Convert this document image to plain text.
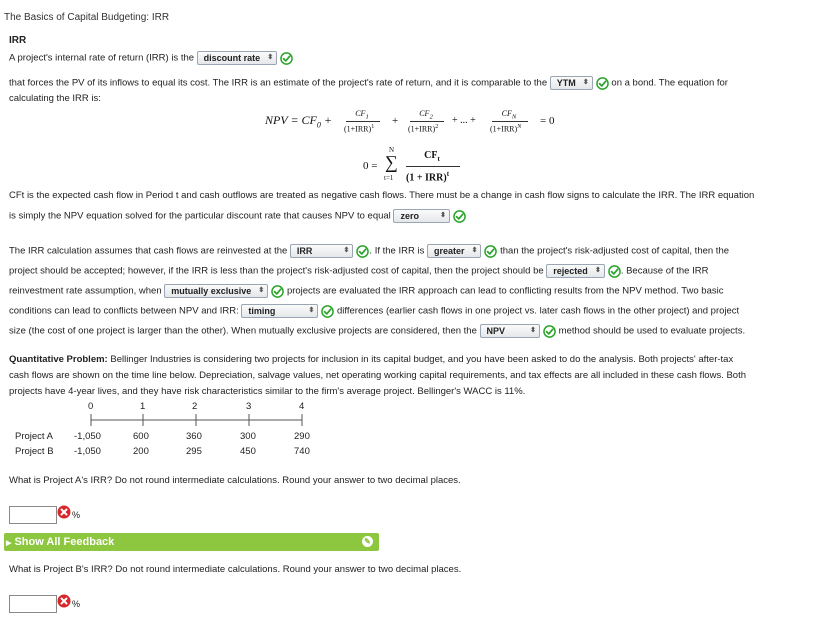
The Basics of Capital Budgeting: IRR
IRR
A project's internal rate of return (IRR) is the discount rate ⬍
that forces the PV of its inflows to equal its cost. The IRR is an estimate of the project's rate of return, and it is comparable to the YTM ⬍ on a bond. The equation for
calculating the IRR is:
NPV = $CF_0$ +	$CF_1$
$(1+IRR)^1$ +
$CF_2$
$(1+IRR)^2$
+ ... +
$CF_N$
$(1+IRR)^N = 0$
0 =
N
∑
t=1
$CF_t$
(1 + IRR)$^t$
CFt is the expected cash flow in Period t and cash outflows are treated as negative cash flows. There must be a change in cash flow signs to calculate the IRR. The IRR equation
is simply the NPV equation solved for the particular discount rate that causes NPV to equal zero	⬍
The IRR calculation assumes that cash flows are reinvested at the IRR	⬍ . If the IRR is greater ⬍ than the project's risk-adjusted cost of capital, then the
project should be accepted; however, if the IRR is less than the project's risk-adjusted cost of capital, then the project should be rejected ⬍ . Because of the IRR
reinvestment rate assumption, when mutually exclusive ⬍ projects are evaluated the IRR approach can lead to conflicting results from the NPV method. Two basic
conditions can lead to conflicts between NPV and IRR: timing	⬍ differences (earlier cash flows in one project vs. later cash flows in the other project) and project
size (the cost of one project is larger than the other). When mutually exclusive projects are considered, then the NPV	⬍ method should be used to evaluate projects.
Quantitative Problem: Bellinger Industries is considering two projects for inclusion in its capital budget, and you have been asked to do the analysis. Both projects' after-tax
cash flows are shown on the time line below. Depreciation, salvage values, net operating working capital requirements, and tax effects are all included in these cash flows. Both
projects have 4-year lives, and they have risk characteristics similar to the firm's average project. Bellinger's WACC is 11%.
0	1	2	3	4
Project A -1,050	600	360	300	290
Project B -1,050	200	295	450	740
What is Project A's IRR? Do not round intermediate calculations. Round your answer to two decimal places.
%
▶ Show All Feedback	✎
What is Project B's IRR? Do not round intermediate calculations. Round your answer to two decimal places.
%
